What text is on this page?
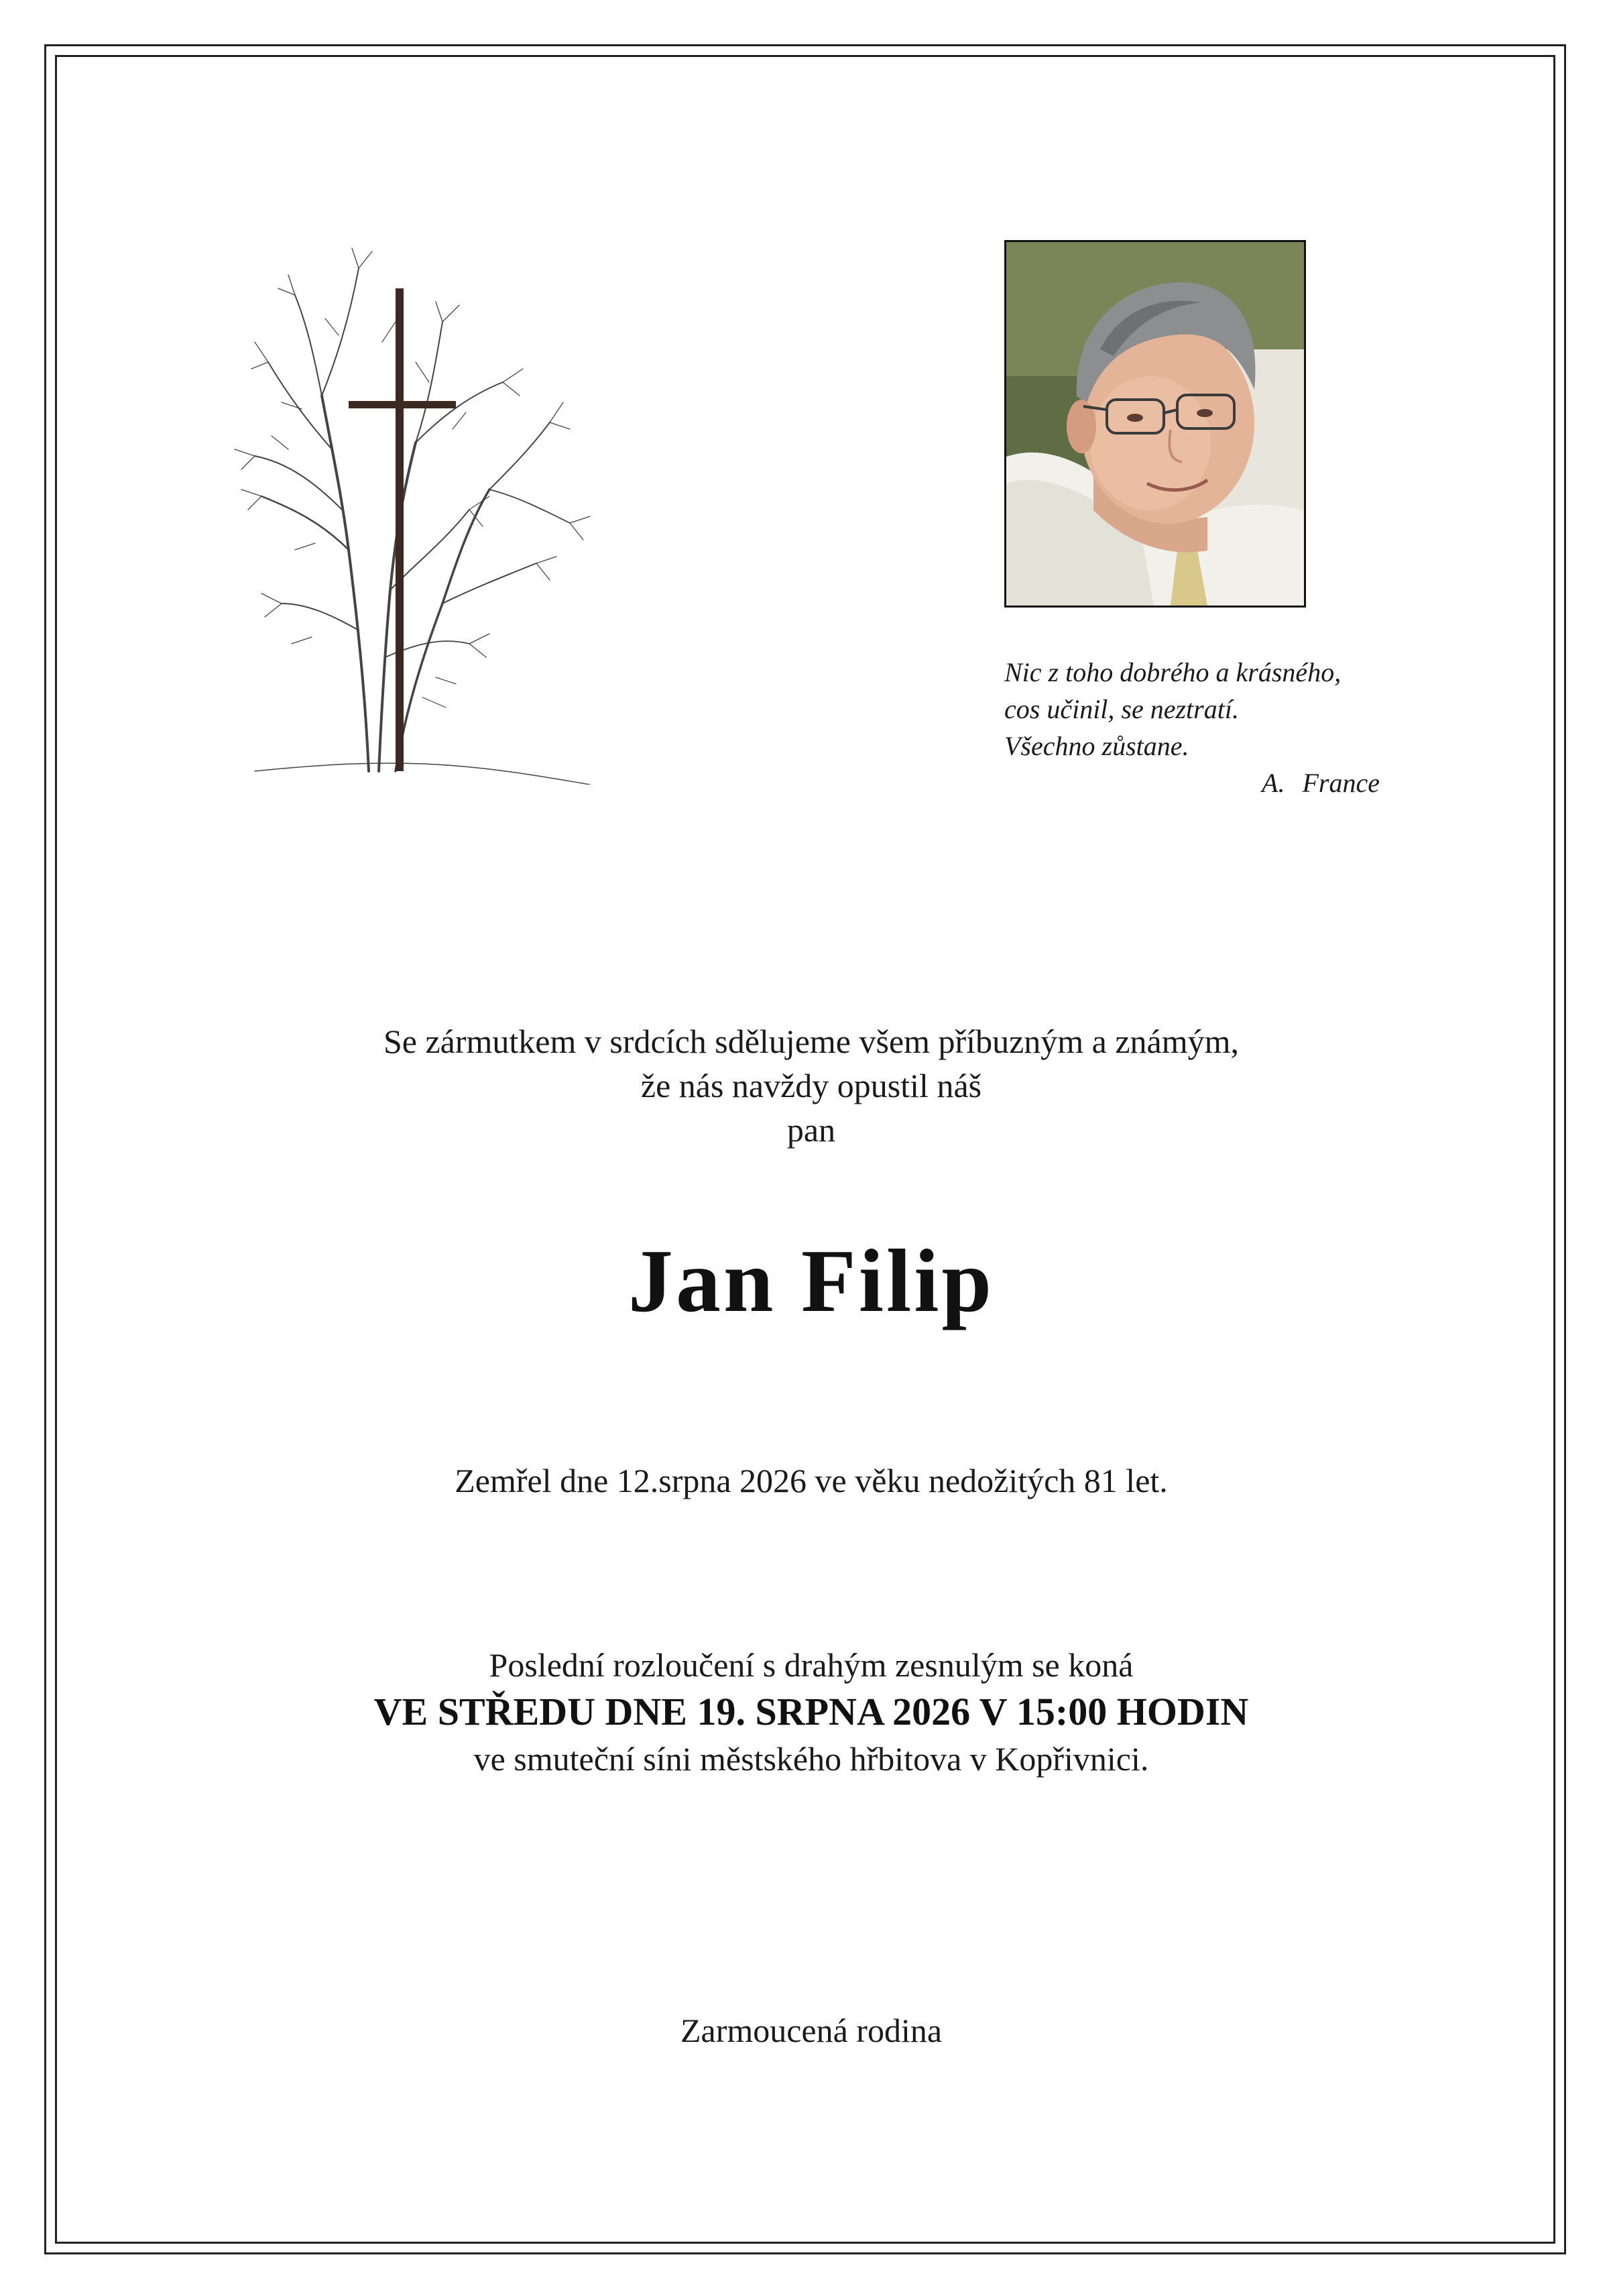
Nic z toho dobrého a krásného,
cos učinil, se neztratí.
Všechno zůstane.
A. France
Se zármutkem v srdcích sdělujeme všem příbuzným a známým,
že nás navždy opustil náš
pan
Jan Filip
Zemřel dne 12.srpna 2026 ve věku nedožitých 81 let.
Poslední rozloučení s drahým zesnulým se koná
VE STŘEDU DNE 19. SRPNA 2026 V 15:00 HODIN
ve smuteční síni městského hřbitova v Kopřivnici.
Zarmoucená rodina
